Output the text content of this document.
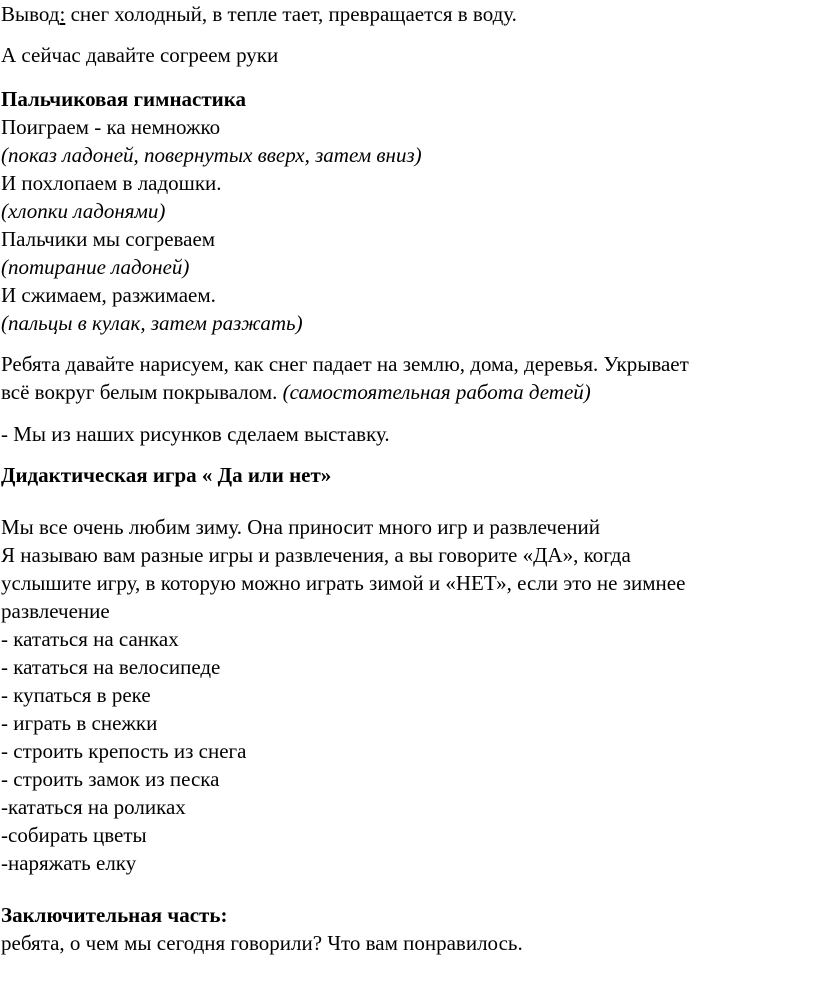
Вывод: снег холодный, в тепле тает, превращается в воду.
А сейчас давайте согреем руки
Пальчиковая гимнастика
Поиграем - ка немножко
(показ ладоней, повернутых вверх, затем вниз)
И похлопаем в ладошки.
(хлопки ладонями)
Пальчики мы согреваем
(потирание ладоней)
И сжимаем, разжимаем.
(пальцы в кулак, затем разжать)
Ребята давайте нарисуем, как снег падает на землю, дома, деревья. Укрывает
всё вокруг белым покрывалом. (самостоятельная работа детей)
- Мы из наших рисунков сделаем выставку.
Дидактическая игра « Да или нет»
Мы все очень любим зиму. Она приносит много игр и развлечений
Я называю вам разные игры и развлечения, а вы говорите «ДА», когда
услышите игру, в которую можно играть зимой и «НЕТ», если это не зимнее
развлечение
- кататься на санках
- кататься на велосипеде
- купаться в реке
- играть в снежки
- строить крепость из снега
- строить замок из песка
-кататься на роликах
-собирать цветы
-наряжать елку
Заключительная часть:
ребята, о чем мы сегодня говорили? Что вам понравилось.
